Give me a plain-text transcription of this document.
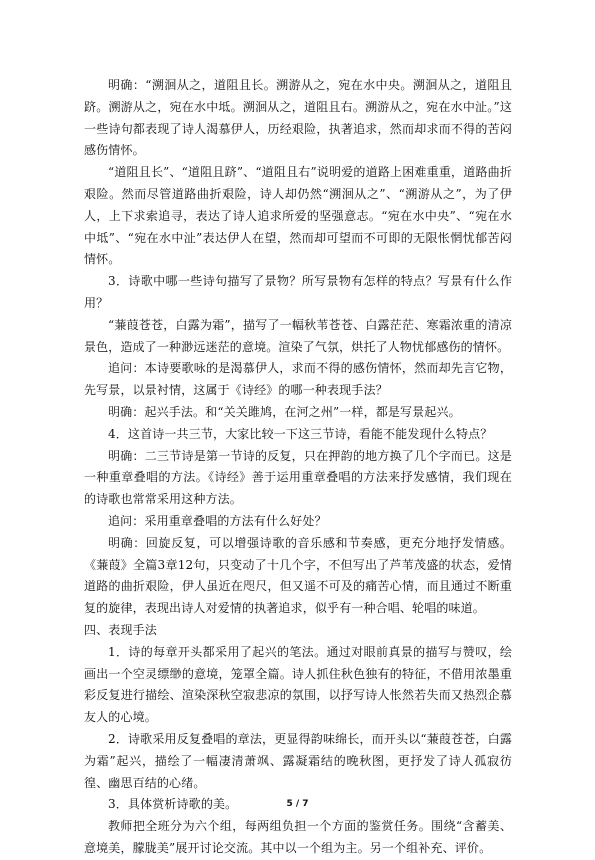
明确：“溯洄从之，道阻且长。溯游从之，宛在水中央。溯洄从之，道阻且跻。溯游从之，宛在水中坻。溯洄从之，道阻且右。溯游从之，宛在水中沚。”这一些诗句都表现了诗人渴慕伊人，历经艰险，执著追求，然而却求而不得的苦闷感伤情怀。

“道阻且长”、“道阻且跻”、“道阻且右”说明爱的道路上困难重重，道路曲折艰险。然而尽管道路曲折艰险，诗人却仍然“溯洄从之”、“溯游从之”，为了伊人，上下求索追寻，表达了诗人追求所爱的坚强意志。“宛在水中央”、“宛在水中坻”、“宛在水中沚”表达伊人在望，然而却可望而不可即的无限怅惘忧郁苦闷情怀。

3．诗歌中哪一些诗句描写了景物？所写景物有怎样的特点？写景有什么作用？

“蒹葭苍苍，白露为霜”，描写了一幅秋苇苍苍、白露茫茫、寒霜浓重的清凉景色，造成了一种渺远迷茫的意境。渲染了气氛，烘托了人物忧郁感伤的情怀。

追问：本诗要歌咏的是渴慕伊人，求而不得的感伤情怀，然而却先言它物，先写景，以景衬情，这属于《诗经》的哪一种表现手法？

明确：起兴手法。和“关关雎鸠，在河之州”一样，都是写景起兴。

4．这首诗一共三节，大家比较一下这三节诗，看能不能发现什么特点？

明确：二三节诗是第一节诗的反复，只在押韵的地方换了几个字而已。这是一种重章叠唱的方法。《诗经》善于运用重章叠唱的方法来抒发感情，我们现在的诗歌也常常采用这种方法。

追问：采用重章叠唱的方法有什么好处？

明确：回旋反复，可以增强诗歌的音乐感和节奏感，更充分地抒发情感。《蒹葭》全篇3章12句，只变动了十几个字，不但写出了芦苇茂盛的状态，爱情道路的曲折艰险，伊人虽近在咫尺，但又遥不可及的痛苦心情，而且通过不断重复的旋律，表现出诗人对爱情的执著追求，似乎有一种合唱、轮唱的味道。

四、表现手法

1．诗的每章开头都采用了起兴的笔法。通过对眼前真景的描写与赞叹，绘画出一个空灵缥缈的意境，笼罩全篇。诗人抓住秋色独有的特征，不借用浓墨重彩反复进行描绘、渲染深秋空寂悲凉的氛围，以抒写诗人怅然若失而又热烈企慕友人的心境。

2．诗歌采用反复叠唱的章法，更显得韵味绵长，而开头以“蒹葭苍苍，白露为霜”起兴，描绘了一幅凄清萧飒、露凝霜结的晚秋图，更抒发了诗人孤寂彷徨、幽思百结的心绪。

3．具体赏析诗歌的美。

教师把全班分为六个组，每两组负担一个方面的鉴赏任务。围绕“含蓄美、意境美，朦胧美”展开讨论交流。其中以一个组为主。另一个组补充、评价。

5 / 7
